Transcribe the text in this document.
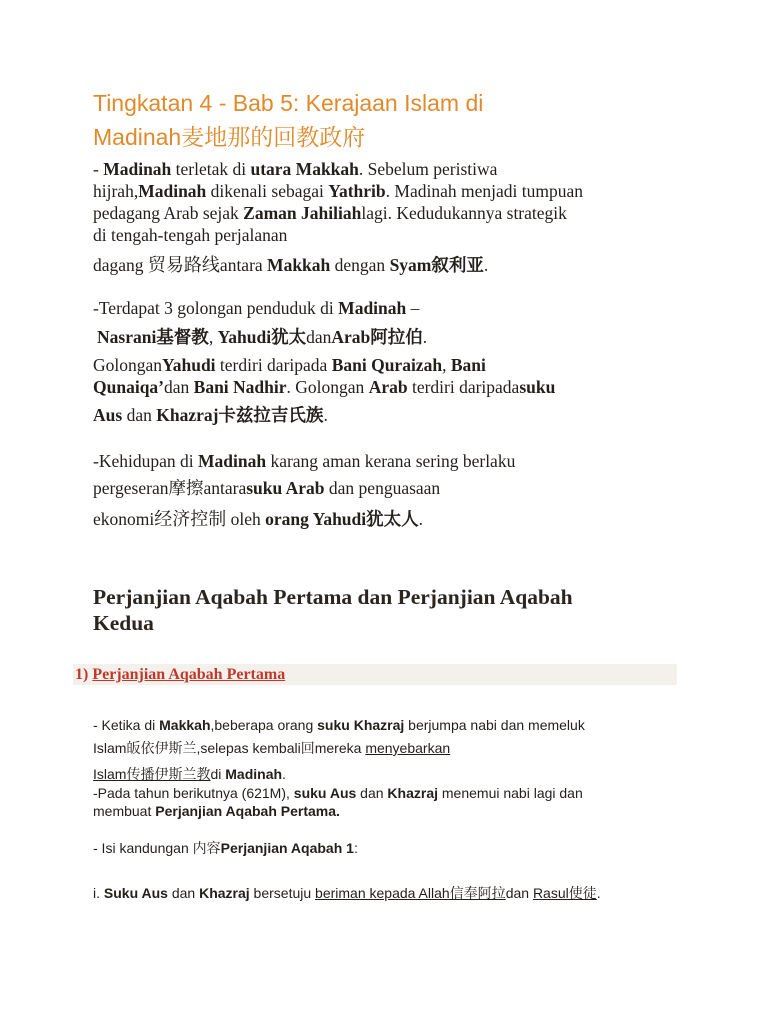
Tingkatan 4 - Bab 5: Kerajaan Islam di
Madinah麦地那的回教政府
- Madinah terletak di utara Makkah. Sebelum peristiwa
hijrah,Madinah dikenali sebagai Yathrib. Madinah menjadi tumpuan
pedagang Arab sejak Zaman Jahiliahlagi. Kedudukannya strategik
di tengah-tengah perjalanan
dagang 贸易路线antara Makkah dengan Syam叙利亚.
-Terdapat 3 golongan penduduk di Madinah –
Nasrani基督教, Yahudi犹太danArab阿拉伯.
GolonganYahudi terdiri daripada Bani Quraizah, Bani
Qunaiqa’dan Bani Nadhir. Golongan Arab terdiri daripadasuku
Aus dan Khazraj卡兹拉吉氏族.
-Kehidupan di Madinah karang aman kerana sering berlaku
pergeseran摩擦antarasuku Arab dan penguasaan
ekonomi经济控制 oleh orang Yahudi犹太人.
Perjanjian Aqabah Pertama dan Perjanjian Aqabah
Kedua
1) Perjanjian Aqabah Pertama
- Ketika di Makkah,beberapa orang suku Khazraj berjumpa nabi dan memeluk
Islam皈依伊斯兰,selepas kembali回mereka menyebarkan
Islam传播伊斯兰教di Madinah.
-Pada tahun berikutnya (621M), suku Aus dan Khazraj menemui nabi lagi dan
membuat Perjanjian Aqabah Pertama.
- Isi kandungan 内容Perjanjian Aqabah 1:
i. Suku Aus dan Khazraj bersetuju beriman kepada Allah信奉阿拉dan Rasul使徒.
